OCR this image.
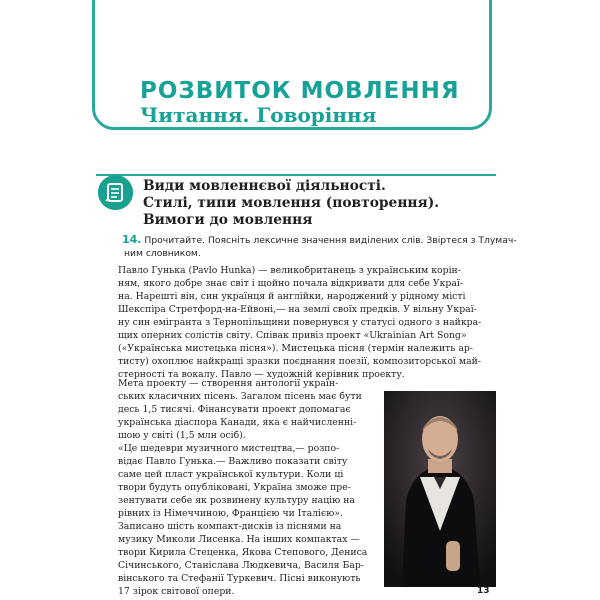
РОЗВИТОК МОВЛЕННЯ
Читання. Говоріння
Види мовленнєвої діяльності.
Стилі, типи мовлення (повторення).
Вимоги до мовлення
14. Прочитайте. Поясніть лексичне значення виділених слів. Звіртеся з Тлумач-
ним словником.
Павло Гунька (Pavlo Hunka) — великобританець з українським корін-
ням, якого добре знає світ і щойно почала відкривати для себе Украї-
на. Нарешті він, син українця й англійки, народжений у рідному місті
Шекспіра Стретфорд-на-Ейвоні,— на землі своїх предків. У вільну Украї-
ну син емігранта з Тернопільщини повернувся у статусі одного з найкра-
щих оперних солістів світу. Співак привіз проект «Ukrainian Art Song»
(«Українська мистецька пісня»). Мистецька пісня (термін належить ар-
тисту) охоплює найкращі зразки поєднання поезії, композиторської май-
стерності та вокалу. Павло — художній керівник проекту.
Мета проекту — створення антології україн-
ських класичних пісень. Загалом пісень має бути
десь 1,5 тисячі. Фінансувати проект допомагає
українська діаспора Канади, яка є найчисленні-
шою у світі (1,5 млн осіб).
«Це шедеври музичного мистецтва,— розпо-
відає Павло Гунька.— Важливо показати світу
саме цей пласт української культури. Коли ці
твори будуть опубліковані, Україна зможе пре-
зентувати себе як розвинену культуру націю на
рівних із Німеччиною, Францією чи Італією».
Записано шість компакт-дисків із піснями на
музику Миколи Лисенка. На інших компактах —
твори Кирила Стеценка, Якова Степового, Дениса
Січинського, Станіслава Людкевича, Василя Бар-
вінського та Стефанії Туркевич. Пісні виконують
17 зірок світової опери.	13
